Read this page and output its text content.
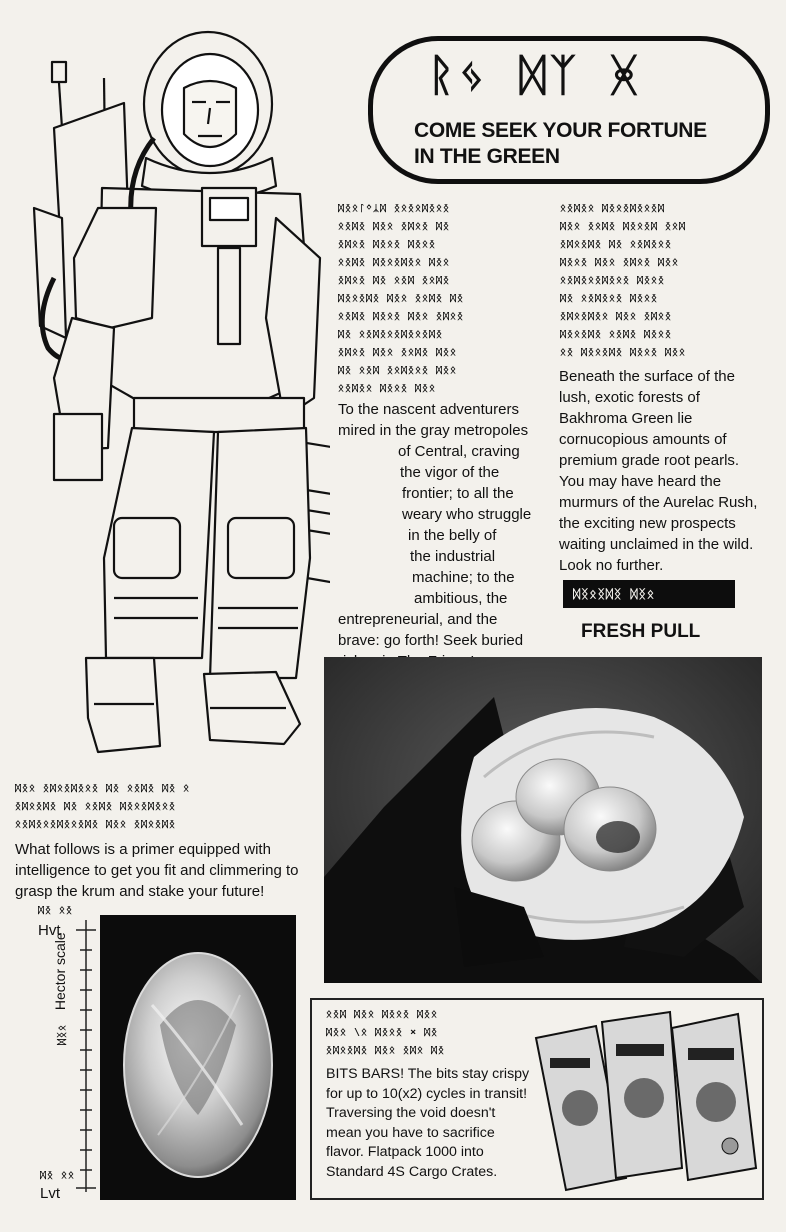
ᚱᛃ ᛞᛉ ᚸ
COME SEEK YOUR FORTUNE
IN THE GREEN
ᛞᛝᛟᛚᛜᛣᛞ ᛝᛟᛝᛟᛞᛝᛟᛝ
ᛟᛝᛞᛝ ᛞᛝᛟ ᛝᛞᛟᛝ ᛞᛝ
ᛝᛞᛟᛝ ᛞᛝᛟᛝ ᛞᛝᛟᛝ
ᛟᛝᛞᛝ ᛞᛝᛟᛝᛞᛝᛟ ᛞᛝᛟ
ᛝᛞᛟᛝ ᛞᛝ ᛟᛝᛞ ᛝᛟᛞᛝ
ᛞᛝᛟᛝᛞᛝ ᛞᛝᛟ ᛝᛟᛞᛝ ᛞᛝ
ᛟᛝᛞᛝ ᛞᛝᛟᛝ ᛞᛝᛟ ᛝᛞᛟᛝ
ᛞᛝ ᛟᛝᛞᛝᛟᛝᛞᛝᛟᛝᛞᛝ
ᛝᛞᛟᛝ ᛞᛝᛟ ᛝᛟᛞᛝ ᛞᛝᛟ
ᛞᛝ ᛟᛝᛞ ᛝᛟᛞᛝᛟᛝ ᛞᛝᛟ
ᛟᛝᛞᛝᛟ ᛞᛝᛟᛝ ᛞᛝᛟ
To the nascent adventurers
mired in the gray metropoles
of Central, craving
the vigor of the
frontier; to all the
weary who struggle
in the belly of
the industrial
machine; to the
ambitious, the
entrepreneurial, and the
brave: go forth! Seek buried
ᛟᛝᛞᛝᛟ ᛞᛝᛟᛝᛞᛝᛟᛝᛞ
ᛞᛝᛟ ᛝᛟᛞᛝ ᛞᛝᛟᛝᛞ ᛝᛟᛞ
ᛝᛞᛟᛝᛞᛝ ᛞᛝ ᛟᛝᛞᛝᛟᛝ
ᛞᛝᛟᛝ ᛞᛝᛟ ᛝᛞᛟᛝ ᛞᛝᛟ
ᛟᛝᛞᛝᛟᛝᛞᛝᛟᛝ ᛞᛝᛟᛝ
ᛞᛝ ᛟᛝᛞᛝᛟᛝ ᛞᛝᛟᛝ
ᛝᛞᛟᛝᛞᛝᛟ ᛞᛝᛟ ᛝᛞᛟᛝ
ᛞᛝᛟᛝᛞᛝ ᛟᛝᛞᛝ ᛞᛝᛟᛝ
ᛟᛝ ᛞᛝᛟᛝᛞᛝ ᛞᛝᛟᛝ ᛞᛝᛟ
Beneath the surface of the lush, exotic forests of Bakhroma Green lie cornucopious amounts of premium grade root pearls. You may have heard the murmurs of the Aurelac Rush, the exciting new prospects waiting unclaimed in the wild. Look no further.
ᛞᛝᛟᛝᛞᛝ ᛞᛝᛟ
FRESH PULL
ᛞᛝᛟ ᛝᛞᛟᛝᛞᛝᛟᛝ ᛞᛝ ᛟᛝᛞᛝ ᛞᛝ ᛟ
ᛝᛞᛟᛝᛞᛝ ᛞᛝ ᛟᛝᛞᛝ ᛞᛝᛟᛝᛞᛝᛟᛝ
ᛟᛝᛞᛝᛟᛝᛞᛝᛟᛝᛞᛝ ᛞᛝᛟ ᛝᛞᛟᛝᛞᛝ
What follows is a primer equipped with intelligence to get you fit and climmering to grasp the krum and stake your future!
ᛞᛝ ᛟᛝ
Hvt
ᛞᛝᛟ Hector scale
ᛞᛝ ᛟᛟ
Lvt
ᛟᛝᛞ ᛞᛝᛟ ᛞᛝᛟᛝ ᛞᛝᛟ
ᛞᛝᛟ \ᛟ ᛞᛝᛟᛝ × ᛞᛝ
ᛝᛞᛟᛝᛞᛝ ᛞᛝᛟ ᛝᛞᛟ ᛞᛝ
BITS BARS! The bits stay crispy for up to 10(x2) cycles in transit! Traversing the void doesn't mean you have to sacrifice flavor. Flatpack 1000 into Standard 4S Cargo Crates.
